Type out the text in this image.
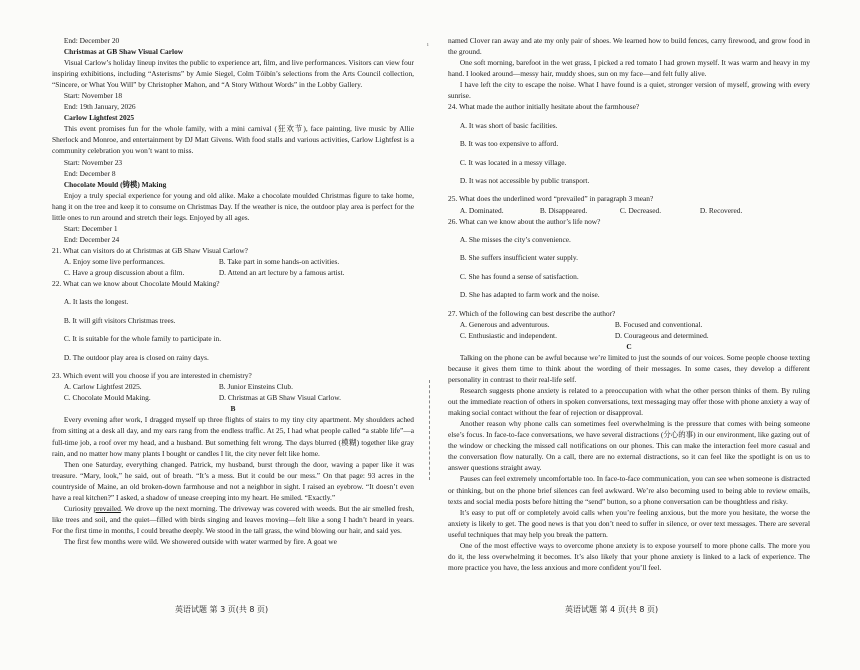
ı

End: December 20

Christmas at GB Shaw Visual Carlow

Visual Carlow’s holiday lineup invites the public to experience art, film, and live performances. Visitors can view four inspiring exhibitions, including “Asterisms” by Amie Siegel, Colm Tóibín’s selections from the Arts Council collection, “Sincere, or What You Will” by Christopher Mahon, and “A Story Without Words” in the Lobby Gallery.

Start: November 18

End: 19th January, 2026

Carlow Lightfest 2025

This event promises fun for the whole family, with a mini carnival (狂欢节), face painting, live music by Allie Sherlock and Monroe, and entertainment by DJ Matt Givens. With food stalls and various activities, Carlow Lightfest is a community celebration you won’t want to miss.

Start: November 23

End: December 8

Chocolate Mould (铸模) Making

Enjoy a truly special experience for young and old alike. Make a chocolate moulded Christmas figure to take home, hang it on the tree and keep it to consume on Christmas Day. If the weather is nice, the outdoor play area is perfect for the little ones to run around and stretch their legs. Enjoyed by all ages.

Start: December 1

End: December 24

21. What can visitors do at Christmas at GB Shaw Visual Carlow?

A. Enjoy some live performances.	B. Take part in some hands-on activities.
C. Have a group discussion about a film.	D. Attend an art lecture by a famous artist.

22. What can we know about Chocolate Mould Making?

A. It lasts the longest.

B. It will gift visitors Christmas trees.

C. It is suitable for the whole family to participate in.

D. The outdoor play area is closed on rainy days.

23. Which event will you choose if you are interested in chemistry?

A. Carlow Lightfest 2025.	B. Junior Einsteins Club.
C. Chocolate Mould Making.	D. Christmas at GB Shaw Visual Carlow.

B

Every evening after work, I dragged myself up three flights of stairs to my tiny city apartment. My shoulders ached from sitting at a desk all day, and my ears rang from the endless traffic. At 25, I had what people called “a stable life”—a full-time job, a roof over my head, and a husband. But something felt wrong. The days blurred (模糊) together like gray rain, and no matter how many plants I bought or candles I lit, the city never felt like home.

Then one Saturday, everything changed. Patrick, my husband, burst through the door, waving a paper like it was treasure. “Mary, look,” he said, out of breath. “It’s a mess. But it could be our mess.” On that page: 93 acres in the countryside of Maine, an old broken-down farmhouse and not a neighbor in sight. I raised an eyebrow. “It doesn’t even have a real kitchen?” I asked, a shadow of unease creeping into my heart. He smiled. “Exactly.”

Curiosity prevailed. We drove up the next morning. The driveway was covered with weeds. But the air smelled fresh, like trees and soil, and the quiet—filled with birds singing and leaves moving—felt like a song I hadn’t heard in years. For the first time in months, I could breathe deeply. We stood in the tall grass, the wind blowing our hair, and said yes.

The first few months were wild. We showered outside with water warmed by fire. A goat we

英语试题 第 3 页(共 8 页)

named Clover ran away and ate my only pair of shoes. We learned how to build fences, carry firewood, and grow food in the ground.

One soft morning, barefoot in the wet grass, I picked a red tomato I had grown myself. It was warm and heavy in my hand. I looked around—messy hair, muddy shoes, sun on my face—and felt fully alive.

I have left the city to escape the noise. What I have found is a quiet, stronger version of myself, growing with every sunrise.

24. What made the author initially hesitate about the farmhouse?

A. It was short of basic facilities.

B. It was too expensive to afford.

C. It was located in a messy village.

D. It was not accessible by public transport.

25. What does the underlined word “prevailed” in paragraph 3 mean?

A. Dominated.	B. Disappeared.	C. Decreased.	D. Recovered.

26. What can we know about the author’s life now?

A. She misses the city’s convenience.

B. She suffers insufficient water supply.

C. She has found a sense of satisfaction.

D. She has adapted to farm work and the noise.

27. Which of the following can best describe the author?

A. Generous and adventurous.	B. Focused and conventional.
C. Enthusiastic and independent.	D. Courageous and determined.

C

Talking on the phone can be awful because we’re limited to just the sounds of our voices. Some people choose texting because it gives them time to think about the wording of their messages. In some cases, they develop a different personality in contrast to their real-life self.

Research suggests phone anxiety is related to a preoccupation with what the other person thinks of them. By ruling out the immediate reaction of others in spoken conversations, text messaging may offer those with phone anxiety a way of making social contact without the fear of rejection or disapproval.

Another reason why phone calls can sometimes feel overwhelming is the pressure that comes with being someone else’s focus. In face-to-face conversations, we have several distractions (分心的事) in our environment, like gazing out of the window or checking the missed call notifications on our phones. This can make the interaction feel more casual and the conversation flow naturally. On a call, there are no external distractions, so it can feel like the spotlight is on us to answer questions straight away.

Pauses can feel extremely uncomfortable too. In face-to-face communication, you can see when someone is distracted or thinking, but on the phone brief silences can feel awkward. We’re also becoming used to being able to review emails, texts and social media posts before hitting the “send” button, so a phone conversation can be thoughtless and risky.

It’s easy to put off or completely avoid calls when you’re feeling anxious, but the more you hesitate, the worse the anxiety is likely to get. The good news is that you don’t need to suffer in silence, or over text messages. There are several useful techniques that may help you break the pattern.

One of the most effective ways to overcome phone anxiety is to expose yourself to more phone calls. The more you do it, the less overwhelming it becomes. It’s also likely that your phone anxiety is linked to a lack of experience. The more practice you have, the less anxious and more confident you’ll feel.

英语试题 第 4 页(共 8 页)
